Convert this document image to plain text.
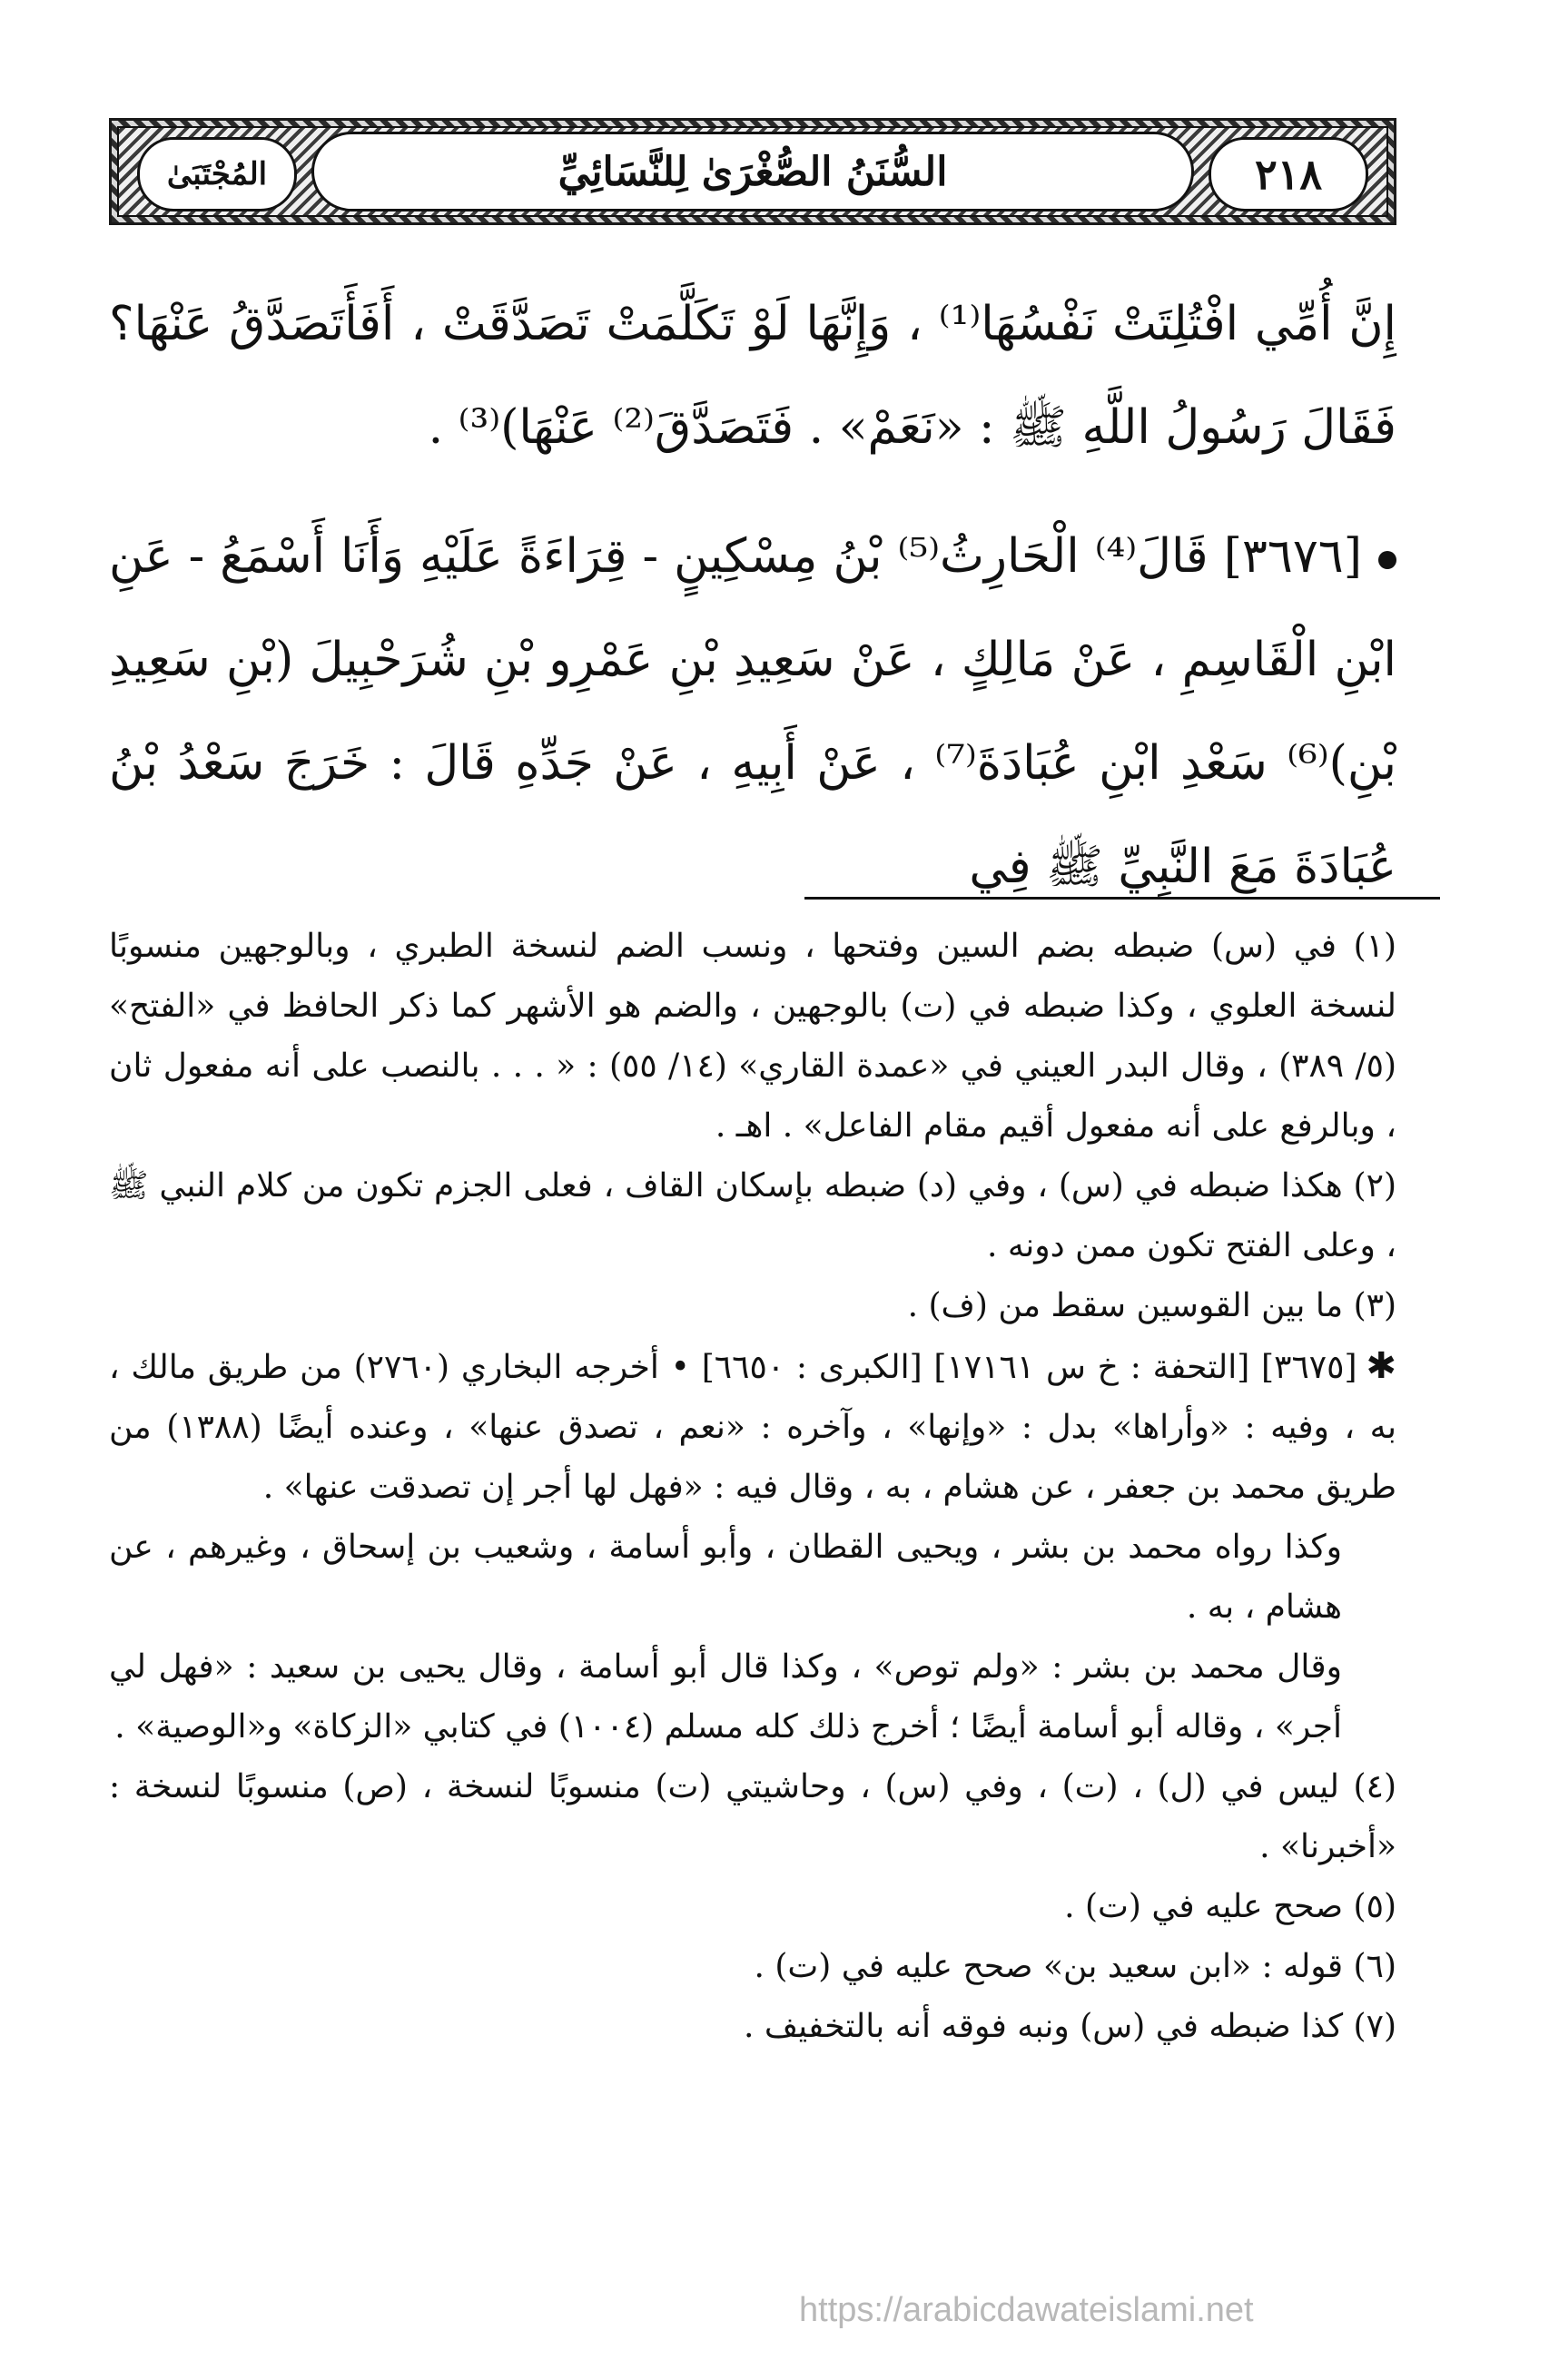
٢١٨
السُّنَنُ الصُّغْرَىٰ لِلنَّسَائِيِّ
المُجْتَبَىٰ

إِنَّ أُمِّي افْتُلِتَتْ نَفْسُهَا⁽¹⁾ ، وَإِنَّهَا لَوْ تَكَلَّمَتْ تَصَدَّقَتْ ، أَفَأَتَصَدَّقُ عَنْهَا؟ فَقَالَ رَسُولُ اللَّهِ ﷺ : «نَعَمْ» . فَتَصَدَّقَ⁽²⁾ عَنْهَا)⁽³⁾ .

[٣٦٧٦] قَالَ⁽⁴⁾ الْحَارِثُ⁽⁵⁾ بْنُ مِسْكِينٍ - قِرَاءَةً عَلَيْهِ وَأَنَا أَسْمَعُ - عَنِ ابْنِ الْقَاسِمِ ، عَنْ مَالِكٍ ، عَنْ سَعِيدِ بْنِ عَمْرِو بْنِ شُرَحْبِيلَ (بْنِ سَعِيدِ بْنِ)⁽⁶⁾ سَعْدِ ابْنِ عُبَادَةَ⁽⁷⁾ ، عَنْ أَبِيهِ ، عَنْ جَدِّهِ قَالَ : خَرَجَ سَعْدُ بْنُ عُبَادَةَ مَعَ النَّبِيِّ ﷺ فِي

(١) في (س) ضبطه بضم السين وفتحها ، ونسب الضم لنسخة الطبري ، وبالوجهين منسوبًا لنسخة العلوي ، وكذا ضبطه في (ت) بالوجهين ، والضم هو الأشهر كما ذكر الحافظ في «الفتح» (٥/ ٣٨٩) ، وقال البدر العيني في «عمدة القاري» (١٤/ ٥٥) : « . . . بالنصب على أنه مفعول ثان ، وبالرفع على أنه مفعول أقيم مقام الفاعل» . اهـ .

(٢) هكذا ضبطه في (س) ، وفي (د) ضبطه بإسكان القاف ، فعلى الجزم تكون من كلام النبي ﷺ ، وعلى الفتح تكون ممن دونه .

(٣) ما بين القوسين سقط من (ف) .

✱[٣٦٧٥] [التحفة : خ س ١٧١٦١] [الكبرى : ٦٦٥٠] • أخرجه البخاري (٢٧٦٠) من طريق مالك ، به ، وفيه : «وأراها» بدل : «وإنها» ، وآخره : «نعم ، تصدق عنها» ، وعنده أيضًا (١٣٨٨) من طريق محمد بن جعفر ، عن هشام ، به ، وقال فيه : «فهل لها أجر إن تصدقت عنها» .

وكذا رواه محمد بن بشر ، ويحيى القطان ، وأبو أسامة ، وشعيب بن إسحاق ، وغيرهم ، عن هشام ، به .

وقال محمد بن بشر : «ولم توص» ، وكذا قال أبو أسامة ، وقال يحيى بن سعيد : «فهل لي أجر» ، وقاله أبو أسامة أيضًا ؛ أخرج ذلك كله مسلم (١٠٠٤) في كتابي «الزكاة» و«الوصية» .

(٤) ليس في (ل) ، (ت) ، وفي (س) ، وحاشيتي (ت) منسوبًا لنسخة ، (ص) منسوبًا لنسخة : «أخبرنا» .

(٥) صحح عليه في (ت) .

(٦) قوله : «ابن سعيد بن» صحح عليه في (ت) .

(٧) كذا ضبطه في (س) ونبه فوقه أنه بالتخفيف .

https://arabicdawateislami.net
